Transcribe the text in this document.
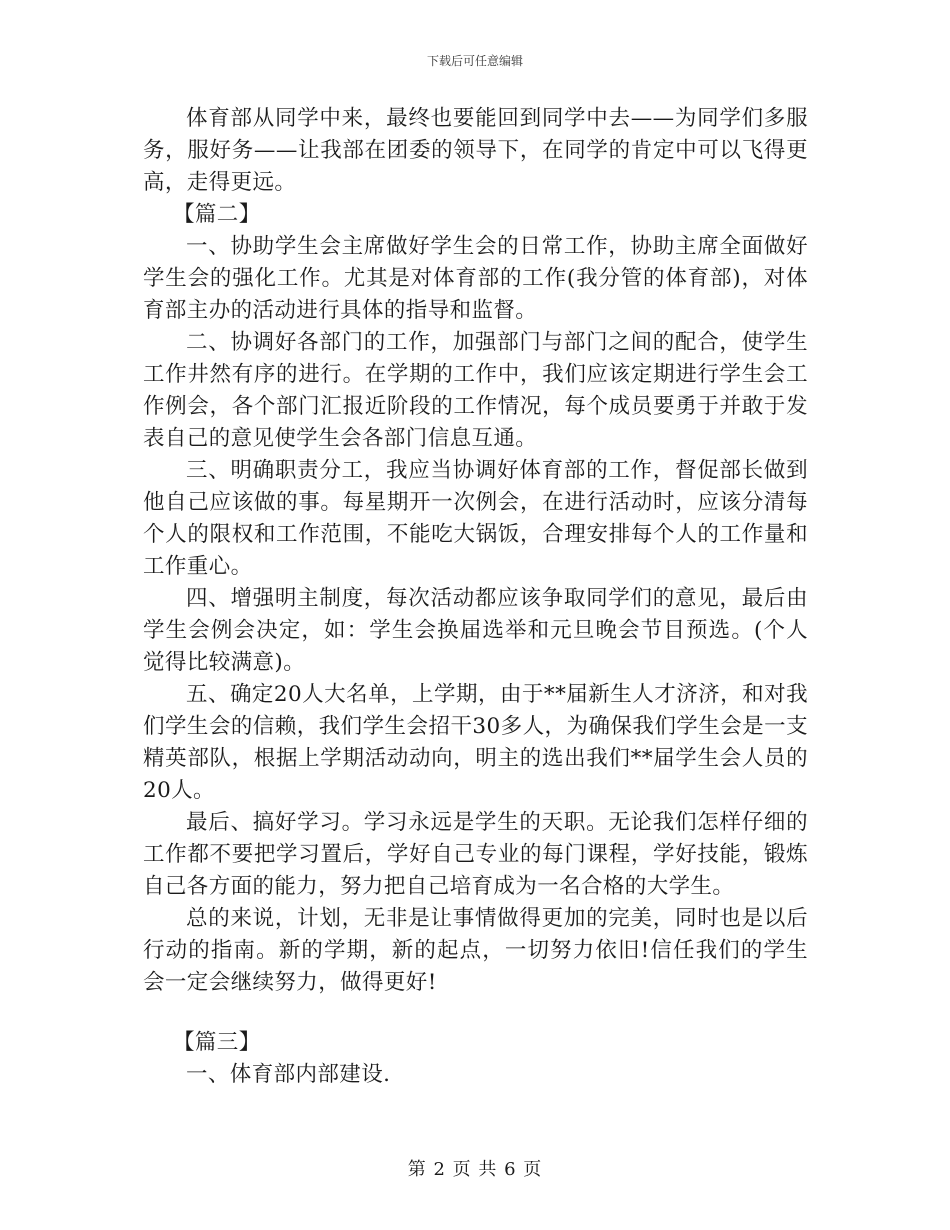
下载后可任意编辑

体育部从同学中来，最终也要能回到同学中去——为同学们多服务，服好务——让我部在团委的领导下，在同学的肯定中可以飞得更高，走得更远。

【篇二】

一、协助学生会主席做好学生会的日常工作，协助主席全面做好学生会的强化工作。尤其是对体育部的工作(我分管的体育部)，对体育部主办的活动进行具体的指导和监督。

二、协调好各部门的工作，加强部门与部门之间的配合，使学生工作井然有序的进行。在学期的工作中，我们应该定期进行学生会工作例会，各个部门汇报近阶段的工作情况，每个成员要勇于并敢于发表自己的意见使学生会各部门信息互通。

三、明确职责分工，我应当协调好体育部的工作，督促部长做到他自己应该做的事。每星期开一次例会，在进行活动时，应该分清每个人的限权和工作范围，不能吃大锅饭，合理安排每个人的工作量和工作重心。

四、增强明主制度，每次活动都应该争取同学们的意见，最后由学生会例会决定，如：学生会换届选举和元旦晚会节目预选。(个人觉得比较满意)。

五、确定20人大名单，上学期，由于**届新生人才济济，和对我们学生会的信赖，我们学生会招干30多人，为确保我们学生会是一支精英部队，根据上学期活动动向，明主的选出我们**届学生会人员的20人。

最后、搞好学习。学习永远是学生的天职。无论我们怎样仔细的工作都不要把学习置后，学好自己专业的每门课程，学好技能，锻炼自己各方面的能力，努力把自己培育成为一名合格的大学生。

总的来说，计划，无非是让事情做得更加的完美，同时也是以后行动的指南。新的学期，新的起点，一切努力依旧!信任我们的学生会一定会继续努力，做得更好!

【篇三】

一、体育部内部建设.

第 2 页 共 6 页
